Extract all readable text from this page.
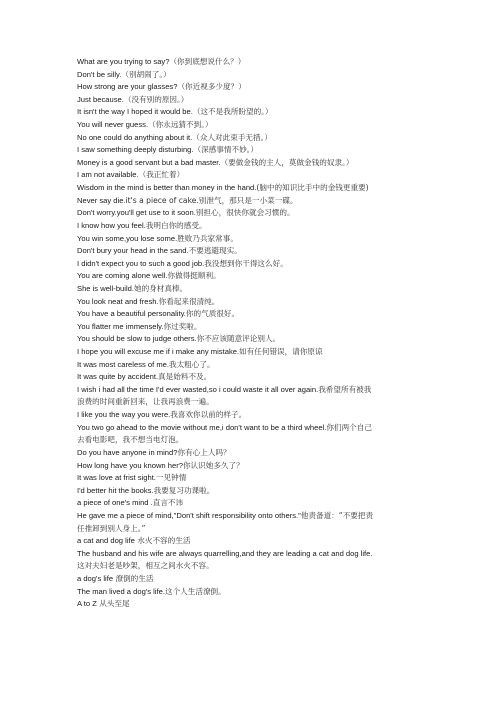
What are you trying to say?（你到底想说什么？）
Don't be silly.（别胡闹了。）
How strong are your glasses?（你近视多少度？）
Just because.（没有别的原因。）
It isn't the way I hoped it would be.（这不是我所盼望的。）
You will never guess.（你永远猜不到。）
No one could do anything about it.（众人对此束手无措。）
I saw something deeply disturbing.（深感事情不妙。）
Money is a good servant but a bad master.（要做金钱的主人，莫做金钱的奴隶。）
I am not available.（我正忙着）
Wisdom in the mind is better than money in the hand.(脑中的知识比手中的金钱更重要)
Never say die.it's a piece of cake.别泄气，那只是一小菜一碟。
Don't worry.you'll get use to it soon.别担心，很快你就会习惯的。
I know how you feel.我明白你的感受。
You win some,you lose some.胜败乃兵家常事。
Don't bury your head in the sand.不要逃避现实。
I didn't expect you to such a good job.我没想到你干得这么好。
You are coming alone well.你做得挺顺利。
She is well-build.她的身材真棒。
You look neat and fresh.你看起来很清纯。
You have a beautiful personality.你的气质很好。
You flatter me immensely.你过奖啦。
You should be slow to judge others.你不应该随意评论别人。
I hope you will excuse me if i make any mistake.如有任何错误，请你原谅
It was most careless of me.我太粗心了。
It was quite by accident.真是始料不及。
I wish i had all the time I'd ever wasted,so i could waste it all over again.我希望所有被我
浪费的时间重新回来，让我再浪费一遍。
I like you the way you were.我喜欢你以前的样子。
You two go ahead to the movie without me,i don't want to be a third wheel.你们两个自己
去看电影吧，我不想当电灯泡。
Do you have anyone in mind?你有心上人吗？
How long have you known her?你认识她多久了？
It was love at frist sight.一见钟情
I'd better hit the books.我要复习功课啦。
a piece of one's mind .直言不讳
He gave me a piece of mind,"Don't shift responsibility onto others."他责备道：“不要把责
任推卸到别人身上。”
a cat and dog life 水火不容的生活
The husband and his wife are always quarrelling,and they are leading a cat and dog life.
这对夫妇老是吵架，相互之间水火不容。
a dog's life 潦倒的生活
The man lived a dog's life.这个人生活潦倒。
A to Z 从头至尾
